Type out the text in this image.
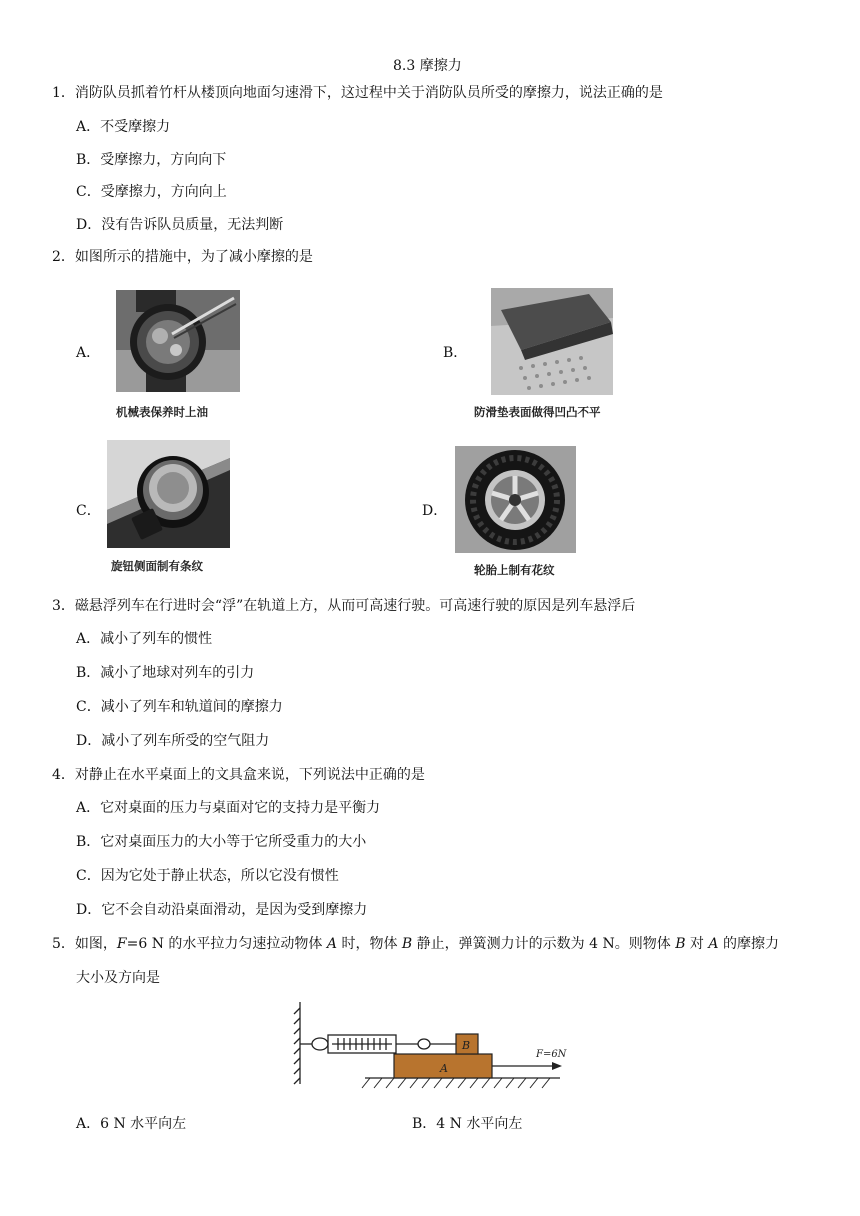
8.3 摩擦力
1．消防队员抓着竹杆从楼顶向地面匀速滑下，这过程中关于消防队员所受的摩擦力，说法正确的是
A．不受摩擦力
B．受摩擦力，方向向下
C．受摩擦力，方向向上
D．没有告诉队员质量，无法判断
2．如图所示的措施中，为了减小摩擦的是
A．
机械表保养时上油
B．
防滑垫表面做得凹凸不平
C．
旋钮侧面制有条纹
D．
轮胎上制有花纹
3．磁悬浮列车在行进时会“浮”在轨道上方，从而可高速行驶。可高速行驶的原因是列车悬浮后
A．减小了列车的惯性
B．减小了地球对列车的引力
C．减小了列车和轨道间的摩擦力
D．减小了列车所受的空气阻力
4．对静止在水平桌面上的文具盒来说，下列说法中正确的是
A．它对桌面的压力与桌面对它的支持力是平衡力
B．它对桌面压力的大小等于它所受重力的大小
C．因为它处于静止状态，所以它没有惯性
D．它不会自动沿桌面滑动，是因为受到摩擦力
5．如图，F=6 N 的水平拉力匀速拉动物体 A 时，物体 B 静止，弹簧测力计的示数为 4 N。则物体 B 对 A 的摩擦力
大小及方向是
A
B
F=6N
A．6 N 水平向左	B．4 N 水平向左
